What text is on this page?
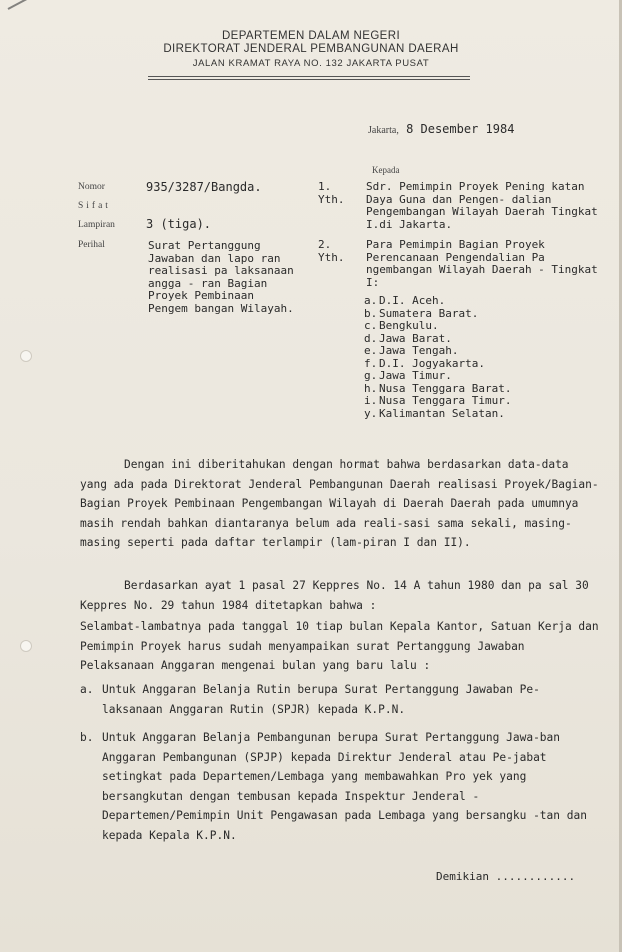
DEPARTEMEN DALAM NEGERI
DIREKTORAT JENDERAL PEMBANGUNAN DAERAH
JALAN KRAMAT RAYA NO. 132 JAKARTA PUSAT
Jakarta, 8 Desember 1984
Kepada
Nomor	935/3287/Bangda.
Sifat
Lampiran	3 (tiga).
Perihal	Surat Pertanggung Jawaban dan lapo ran realisasi pa laksanaan angga - ran Bagian Proyek Pembinaan Pengem bangan Wilayah.
1. Yth.
Sdr. Pemimpin Proyek Pening katan Daya Guna dan Pengen- dalian Pengembangan Wilayah Daerah Tingkat I.di Jakarta.
2. Yth.
Para Pemimpin Bagian Proyek Perencanaan Pengendalian Pa ngembangan Wilayah Daerah - Tingkat I:
a. D.I. Aceh.
b. Sumatera Barat.
c. Bengkulu.
d. Jawa Barat.
e. Jawa Tengah.
f. D.I. Jogyakarta.
g. Jawa Timur.
h. Nusa Tenggara Barat.
i. Nusa Tenggara Timur.
y. Kalimantan Selatan.
Dengan ini diberitahukan dengan hormat bahwa berdasarkan data-data yang ada pada Direktorat Jenderal Pembangunan Daerah realisasi Proyek/Bagian-Bagian Proyek Pembinaan Pengembangan Wilayah di Daerah Daerah pada umumnya masih rendah bahkan diantaranya belum ada reali-sasi sama sekali, masing-masing seperti pada daftar terlampir (lam-piran I dan II).
Berdasarkan ayat 1 pasal 27 Keppres No. 14 A tahun 1980 dan pa sal 30 Keppres No. 29 tahun 1984 ditetapkan bahwa :
Selambat-lambatnya pada tanggal 10 tiap bulan Kepala Kantor, Satuan Kerja dan Pemimpin Proyek harus sudah menyampaikan surat Pertanggung Jawaban Pelaksanaan Anggaran mengenai bulan yang baru lalu :
a. Untuk Anggaran Belanja Rutin berupa Surat Pertanggung Jawaban Pe-laksanaan Anggaran Rutin (SPJR) kepada K.P.N.
b. Untuk Anggaran Belanja Pembangunan berupa Surat Pertanggung Jawa-ban Anggaran Pembangunan (SPJP) kepada Direktur Jenderal atau Pe-jabat setingkat pada Departemen/Lembaga yang membawahkan Pro yek yang bersangkutan dengan tembusan kepada Inspektur Jenderal -Departemen/Pemimpin Unit Pengawasan pada Lembaga yang bersangku -tan dan kepada Kepala K.P.N.
Demikian ............
